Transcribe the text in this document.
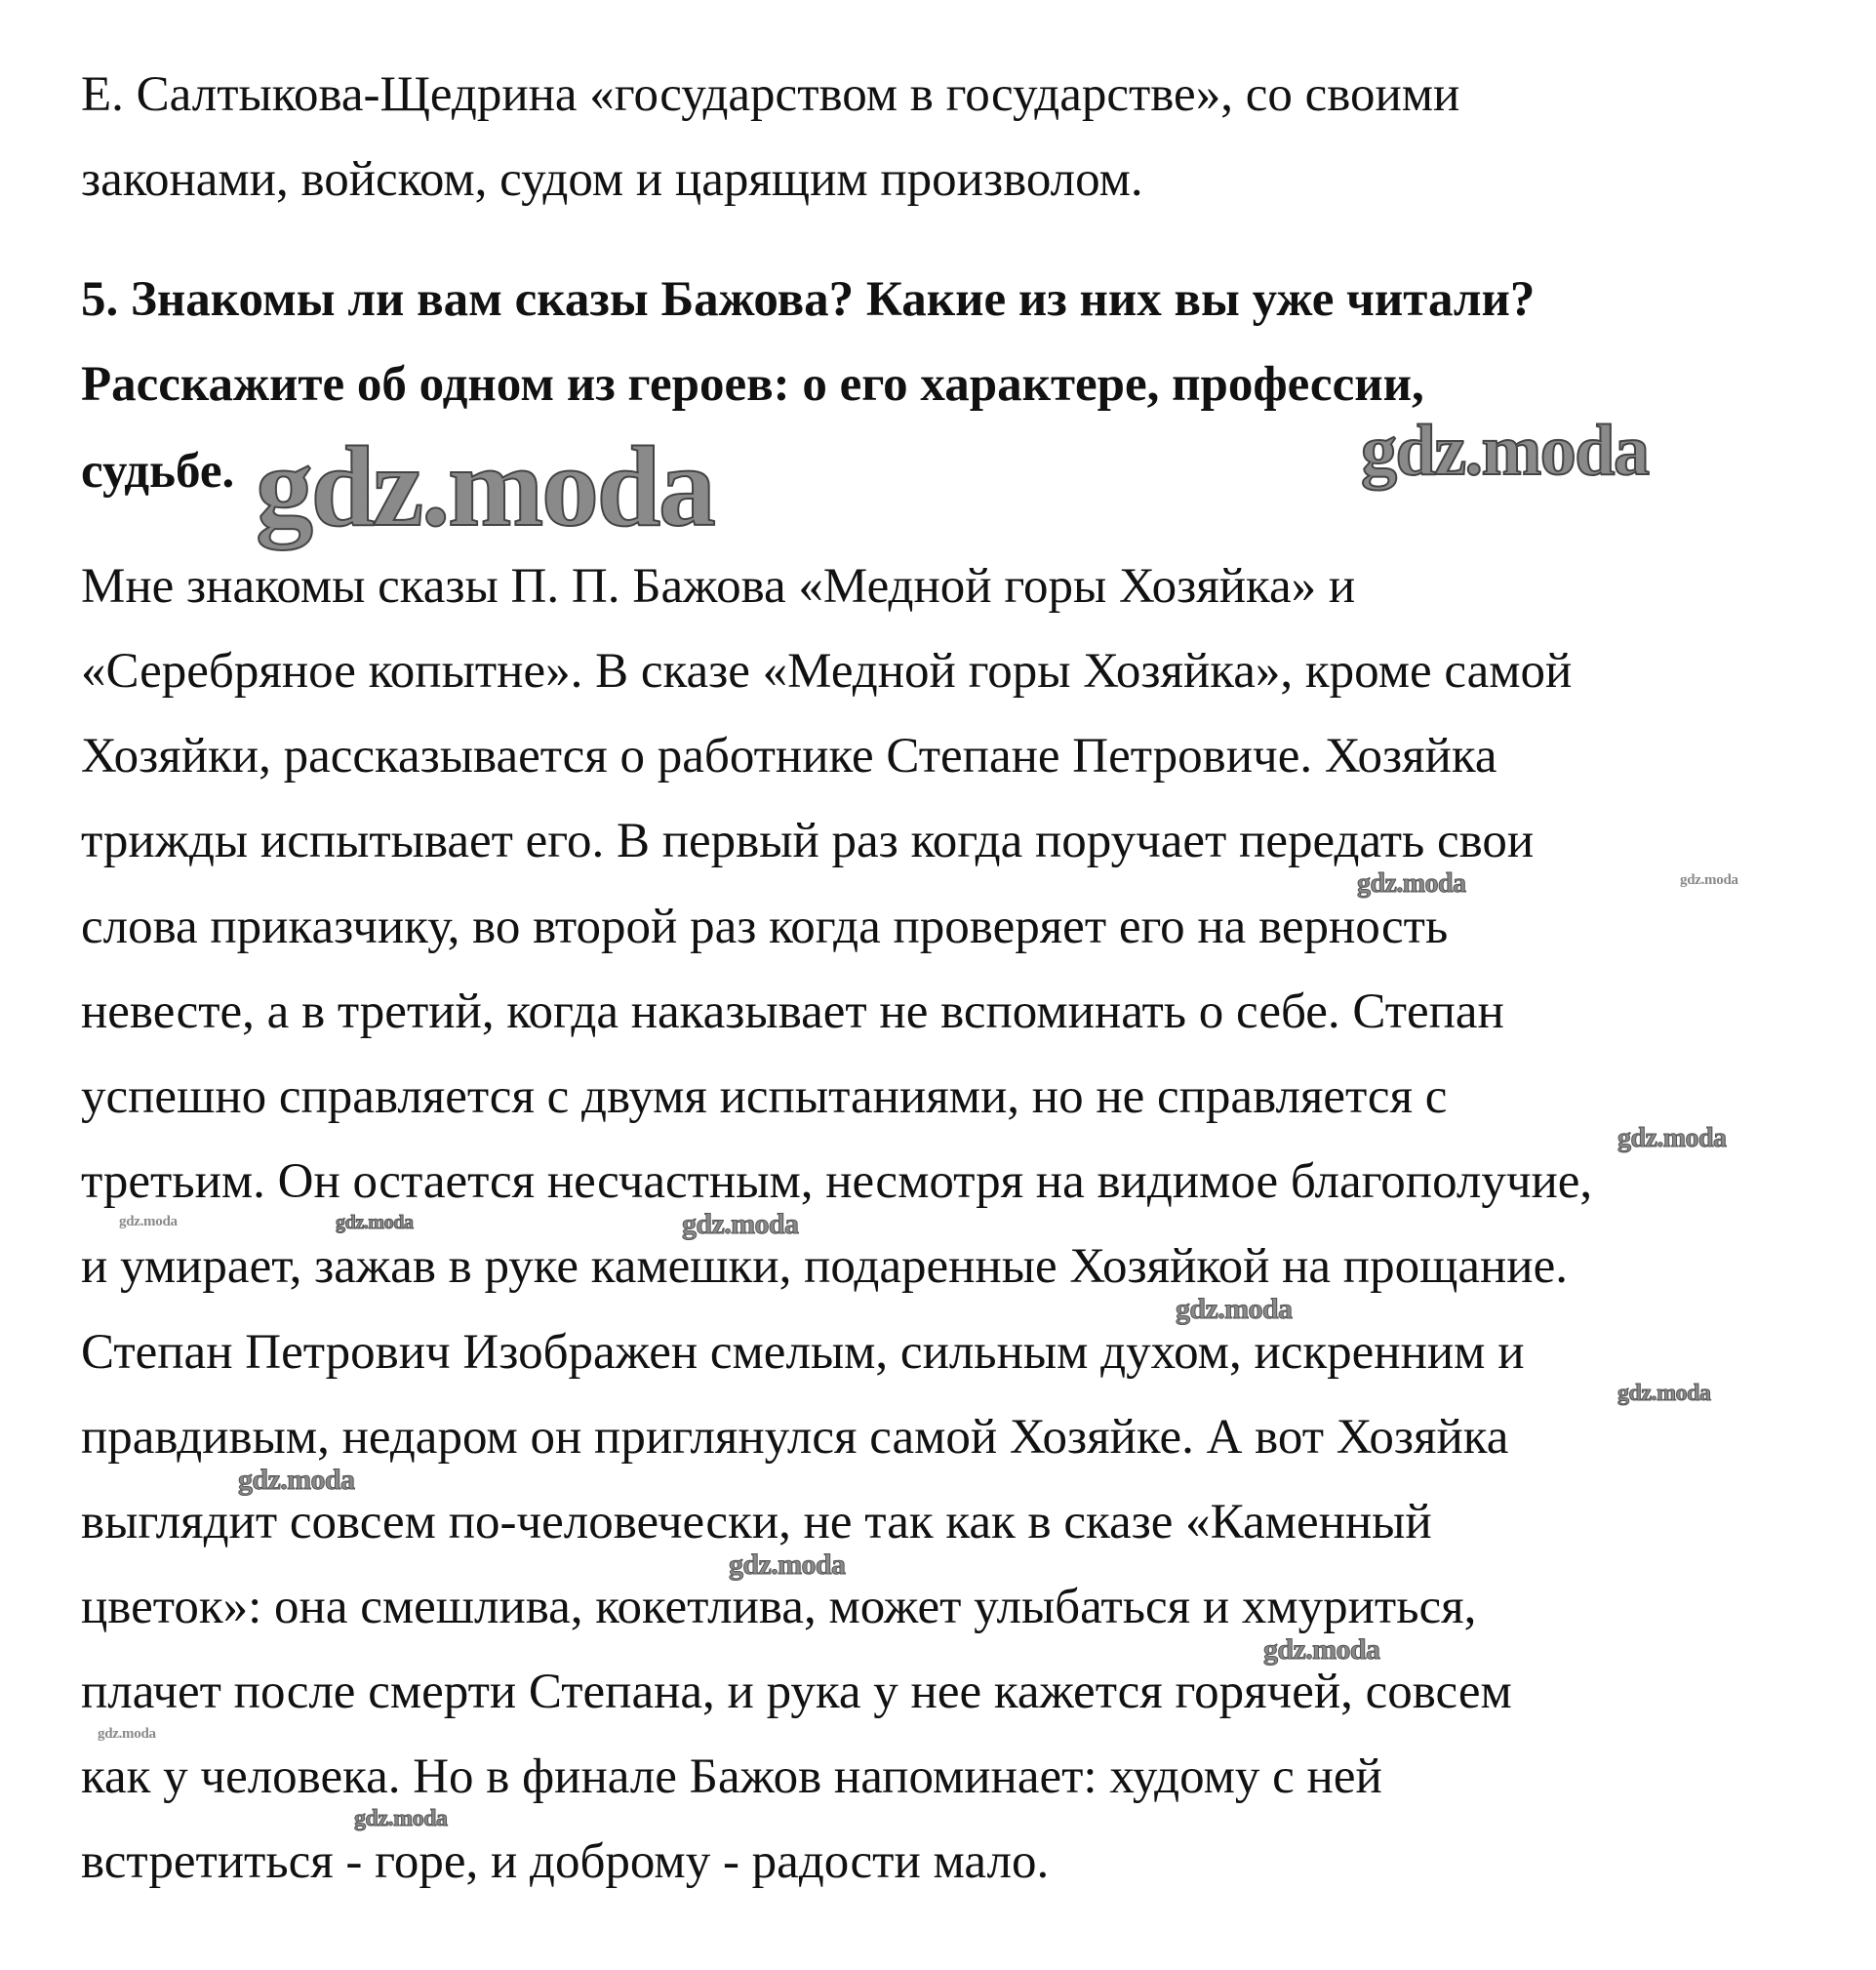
Е. Салтыкова-Щедрина «государством в государстве», со своими
законами, войском, судом и царящим произволом.
5. Знакомы ли вам сказы Бажова? Какие из них вы уже читали?
Расскажите об одном из героев: о его характере, профессии,
судьбе.
Мне знакомы сказы П. П. Бажова «Медной горы Хозяйка» и
«Серебряное копытне». В сказе «Медной горы Хозяйка», кроме самой
Хозяйки, рассказывается о работнике Степане Петровиче. Хозяйка
трижды испытывает его. В первый раз когда поручает передать свои
слова приказчику, во второй раз когда проверяет его на верность
невесте, а в третий, когда наказывает не вспоминать о себе. Степан
успешно справляется с двумя испытаниями, но не справляется с
третьим. Он остается несчастным, несмотря на видимое благополучие,
и умирает, зажав в руке камешки, подаренные Хозяйкой на прощание.
Степан Петрович Изображен смелым, сильным духом, искренним и
правдивым, недаром он приглянулся самой Хозяйке. А вот Хозяйка
выглядит совсем по-человечески, не так как в сказе «Каменный
цветок»: она смешлива, кокетлива, может улыбаться и хмуриться,
плачет после смерти Степана, и рука у нее кажется горячей, совсем
как у человека. Но в финале Бажов напоминает: худому с ней
встретиться - горе, и доброму - радости мало.
gdz.moda	gdz.moda
gdz.moda	gdz.moda
gdz.moda
gdz.moda	gdz.moda	gdz.moda
gdz.moda
gdz.moda
gdz.moda
gdz.moda
gdz.moda
gdz.moda
gdz.moda
